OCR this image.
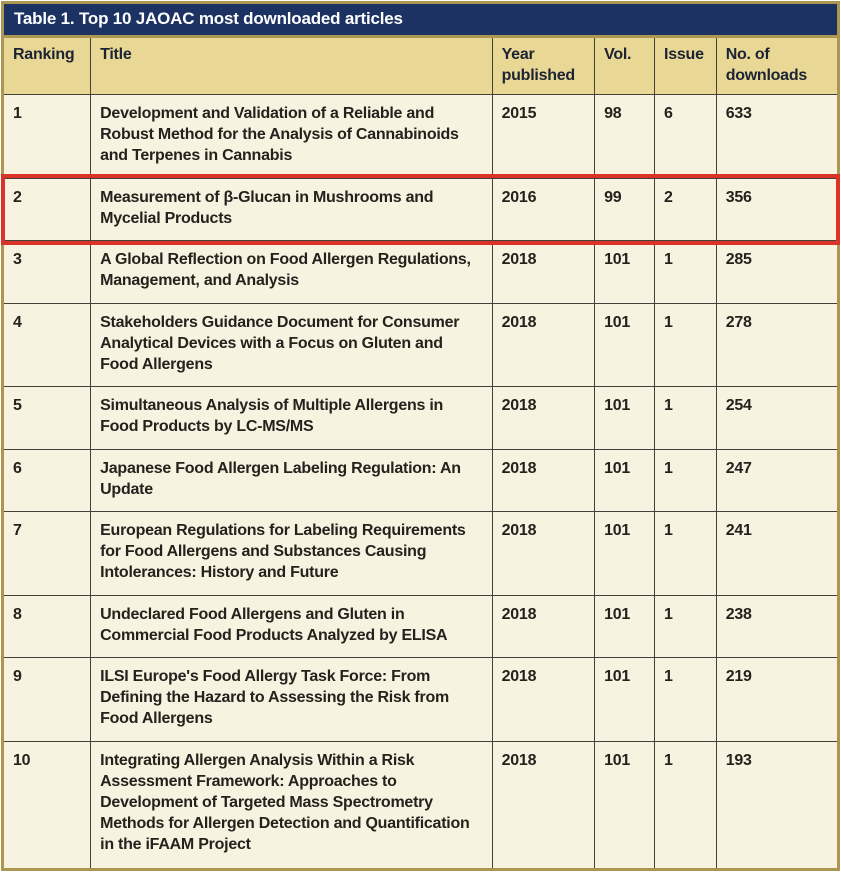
Table 1. Top 10 JAOAC most downloaded articles
Ranking	Title	Year published	Vol.	Issue	No. of downloads
1	Development and Validation of a Reliable and Robust Method for the Analysis of Cannabinoids and Terpenes in Cannabis	2015	98	6	633
2	Measurement of β-Glucan in Mushrooms and Mycelial Products	2016	99	2	356
3	A Global Reflection on Food Allergen Regulations, Management, and Analysis	2018	101	1	285
4	Stakeholders Guidance Document for Consumer Analytical Devices with a Focus on Gluten and Food Allergens	2018	101	1	278
5	Simultaneous Analysis of Multiple Allergens in Food Products by LC-MS/MS	2018	101	1	254
6	Japanese Food Allergen Labeling Regulation: An Update	2018	101	1	247
7	European Regulations for Labeling Requirements for Food Allergens and Substances Causing Intolerances: History and Future	2018	101	1	241
8	Undeclared Food Allergens and Gluten in Commercial Food Products Analyzed by ELISA	2018	101	1	238
9	ILSI Europe's Food Allergy Task Force: From Defining the Hazard to Assessing the Risk from Food Allergens	2018	101	1	219
10	Integrating Allergen Analysis Within a Risk Assessment Framework: Approaches to Development of Targeted Mass Spectrometry Methods for Allergen Detection and Quantification in the iFAAM Project	2018	101	1	193
